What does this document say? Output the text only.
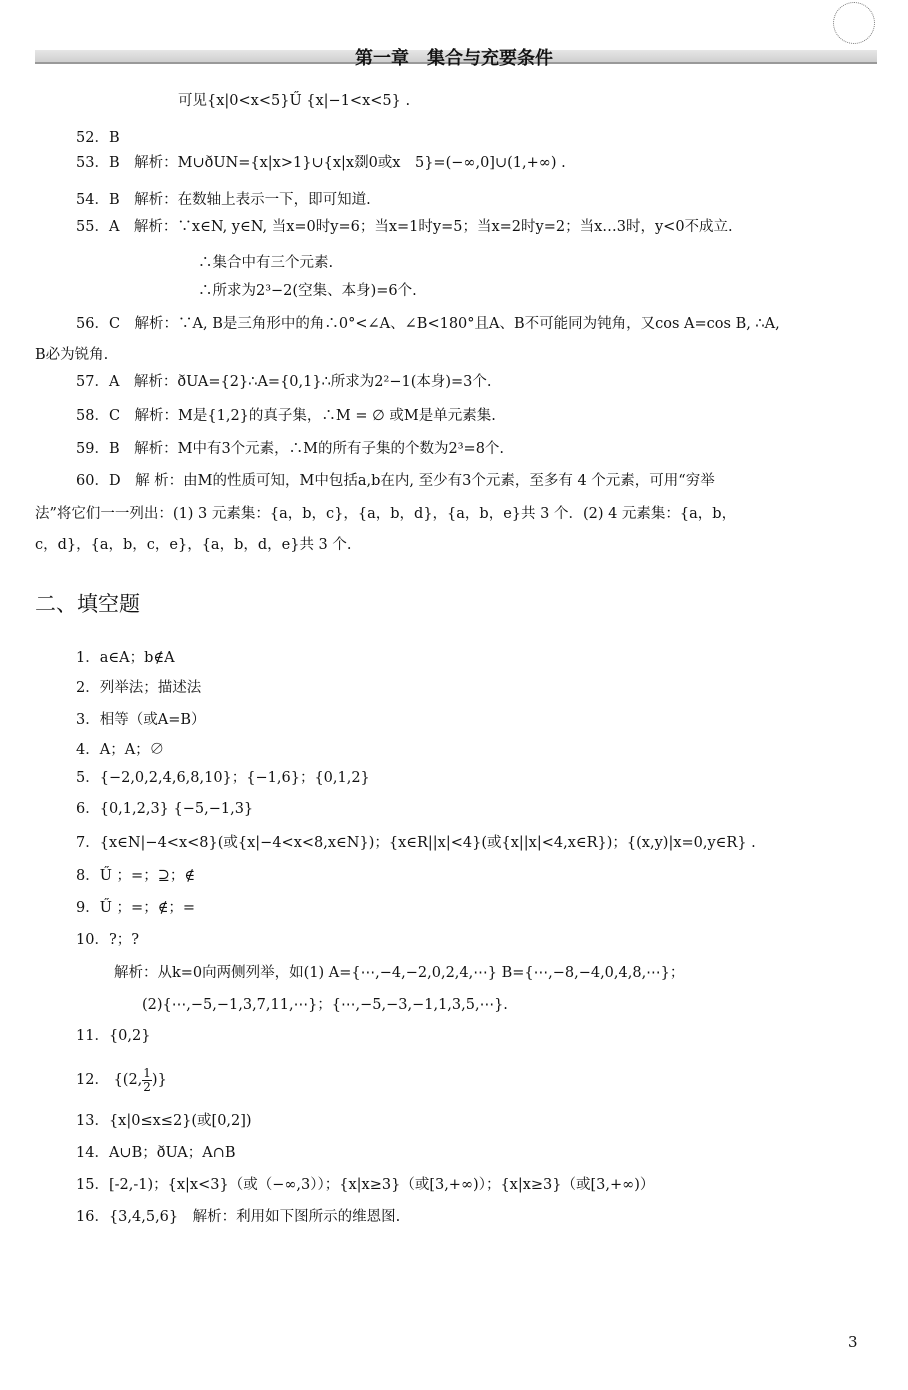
第一章　集合与充要条件
可见{x|0<x<5}Ű {x|−1<x<5} .
52．B
53．B　解析：M∪ðUN={x|x>1}∪{x|x剟0或x　5}=(−∞,0]∪(1,+∞) .
54．B　解析：在数轴上表示一下，即可知道.
55．A　解析：∵x∈N, y∈N, 当x=0时y=6；当x=1时y=5；当x=2时y=2；当x…3时，y<0不成立.
∴集合中有三个元素.
∴所求为2³−2(空集、本身)=6个.
56．C　解析：∵A, B是三角形中的角∴0°<∠A、∠B<180°且A、B不可能同为钝角，又cos A=cos B, ∴A,
B必为锐角.
57．A　解析：ðUA={2}∴A={0,1}∴所求为2²−1(本身)=3个.
58．C　解析：M是{1,2}的真子集，∴M = ∅ 或M是单元素集.
59．B　解析：M中有3个元素，∴M的所有子集的个数为2³=8个.
60．D　解 析：由M的性质可知，M中包括a,b在内, 至少有3个元素，至多有 4 个元素，可用“穷举
法”将它们一一列出：(1) 3 元素集：{a，b，c}，{a，b，d}，{a，b，e}共 3 个．(2) 4 元素集：{a，b，
c，d}，{a，b，c，e}，{a，b，d，e}共 3 个.
二、填空题
1．a∈A；b∉A
2．列举法；描述法
3．相等（或A=B）
4．A；A；∅
5．{−2,0,2,4,6,8,10}；{−1,6}；{0,1,2}
6．{0,1,2,3} {−5,−1,3}
7．{x∈N|−4<x<8}(或{x|−4<x<8,x∈N})；{x∈R||x|<4}(或{x||x|<4,x∈R})；{(x,y)|x=0,y∈R} .
8．Ű ；=；⊇；∉
9．Ű ；=；∉；=
10．?；?
解析：从k=0向两侧列举，如(1) A={⋯,−4,−2,0,2,4,⋯} B={⋯,−8,−4,0,4,8,⋯}；
(2){⋯,−5,−1,3,7,11,⋯}；{⋯,−5,−3,−1,1,3,5,⋯}.
11．{0,2}
12． {(2, $\frac{1}{2}$ )}
13．{x|0≤x≤2}(或[0,2])
14．A∪B；ðUA；A∩B
15．[-2,-1)；{x|x<3}（或（−∞,3））；{x|x≥3}（或[3,+∞)）；{x|x≥3}（或[3,+∞)）
16．{3,4,5,6}　解析：利用如下图所示的维恩图.
3
